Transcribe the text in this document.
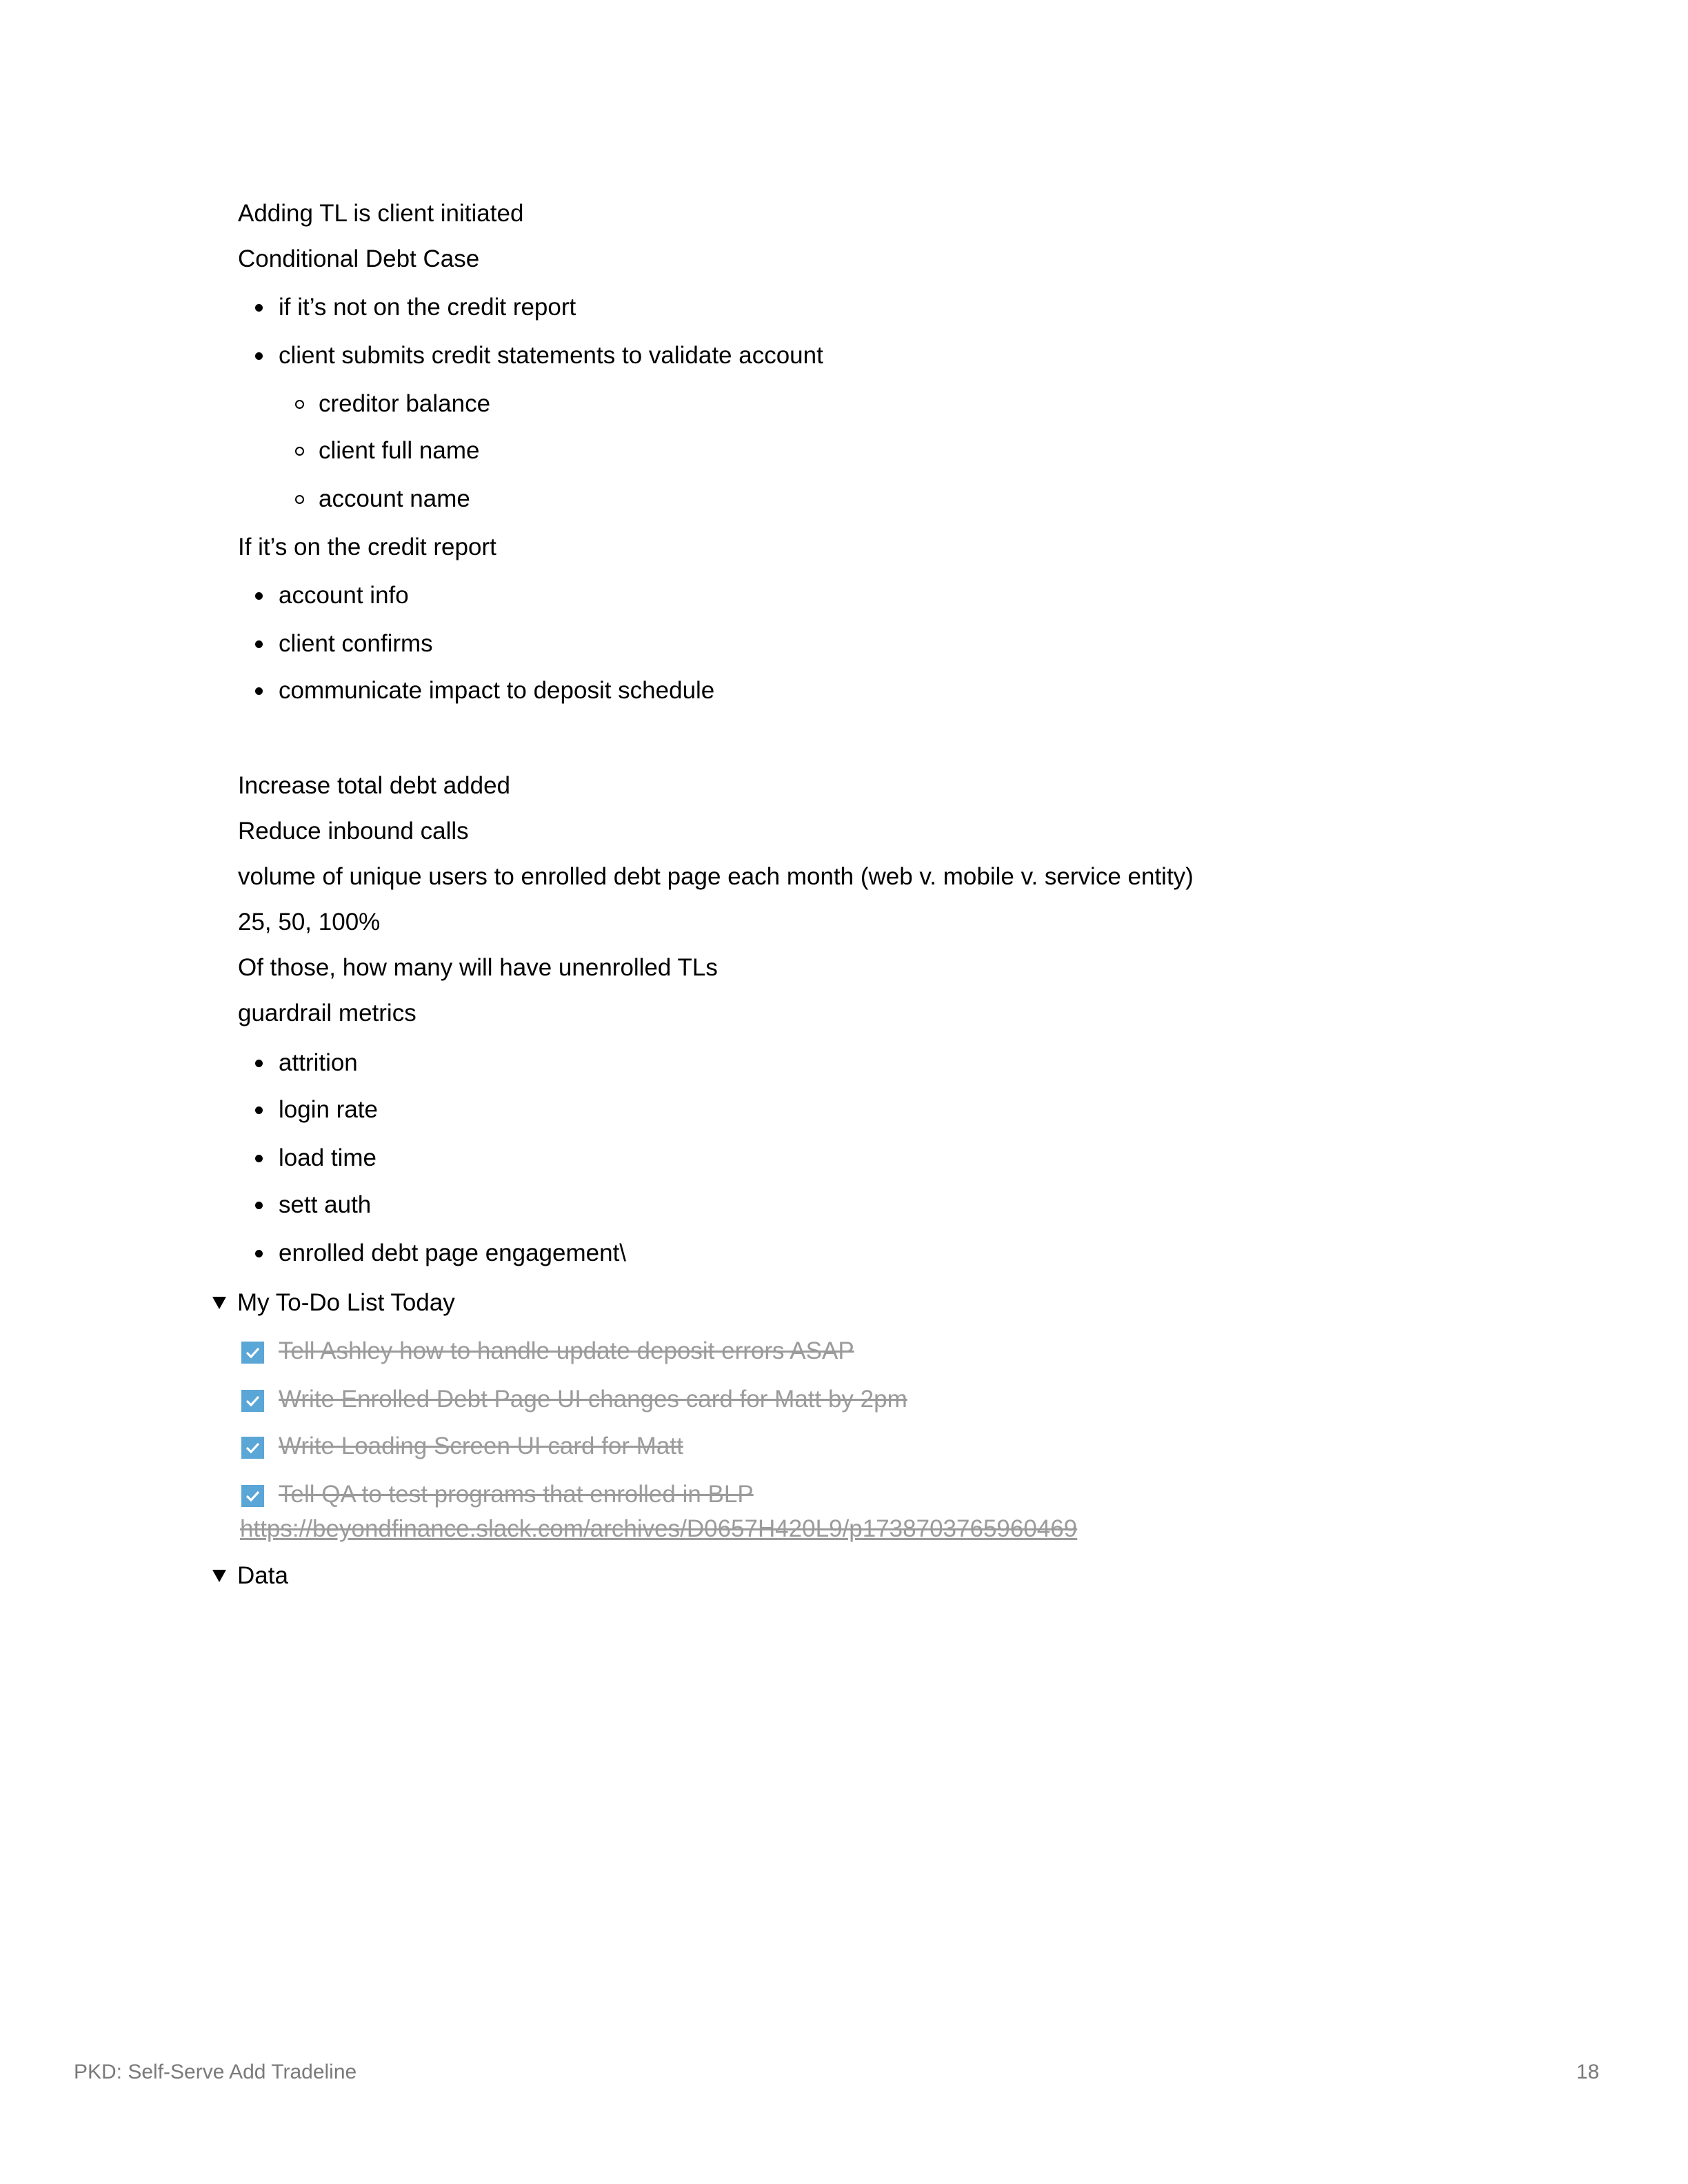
Adding TL is client initiated
Conditional Debt Case
if it’s not on the credit report
client submits credit statements to validate account
creditor balance
client full name
account name
If it’s on the credit report
account info
client confirms
communicate impact to deposit schedule
Increase total debt added
Reduce inbound calls
volume of unique users to enrolled debt page each month (web v. mobile v. service entity)
25, 50, 100%
Of those, how many will have unenrolled TLs
guardrail metrics
attrition
login rate
load time
sett auth
enrolled debt page engagement\
My To-Do List Today
Tell Ashley how to handle update deposit errors ASAP
Write Enrolled Debt Page UI changes card for Matt by 2pm
Write Loading Screen UI card for Matt
Tell QA to test programs that enrolled in BLP
https://beyondfinance.slack.com/archives/D0657H420L9/p1738703765960469
Data
PKD: Self-Serve Add Tradeline	18
